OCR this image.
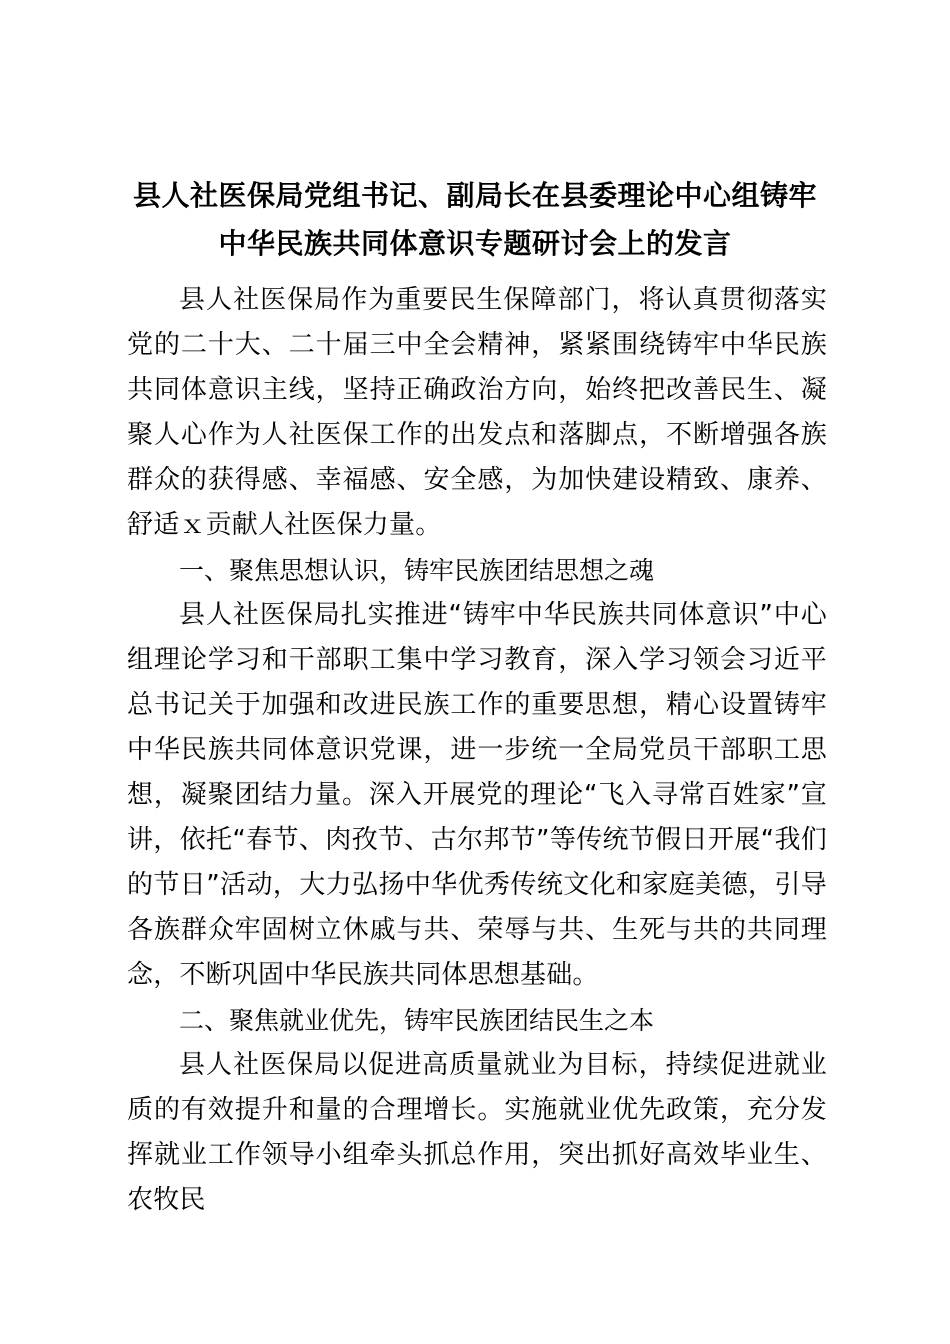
县人社医保局党组书记、副局长在县委理论中心组铸牢
中华民族共同体意识专题研讨会上的发言

县人社医保局作为重要民生保障部门，将认真贯彻落实党的二十大、二十届三中全会精神，紧紧围绕铸牢中华民族共同体意识主线，坚持正确政治方向，始终把改善民生、凝聚人心作为人社医保工作的出发点和落脚点，不断增强各族群众的获得感、幸福感、安全感，为加快建设精致、康养、舒适ｘ贡献人社医保力量。

一、聚焦思想认识，铸牢民族团结思想之魂

县人社医保局扎实推进“铸牢中华民族共同体意识”中心组理论学习和干部职工集中学习教育，深入学习领会习近平总书记关于加强和改进民族工作的重要思想，精心设置铸牢中华民族共同体意识党课，进一步统一全局党员干部职工思想，凝聚团结力量。深入开展党的理论“飞入寻常百姓家”宣讲，依托“春节、肉孜节、古尔邦节”等传统节假日开展“我们的节日”活动，大力弘扬中华优秀传统文化和家庭美德，引导各族群众牢固树立休戚与共、荣辱与共、生死与共的共同理念，不断巩固中华民族共同体思想基础。

二、聚焦就业优先，铸牢民族团结民生之本

县人社医保局以促进高质量就业为目标，持续促进就业质的有效提升和量的合理增长。实施就业优先政策，充分发挥就业工作领导小组牵头抓总作用，突出抓好高效毕业生、农牧民
